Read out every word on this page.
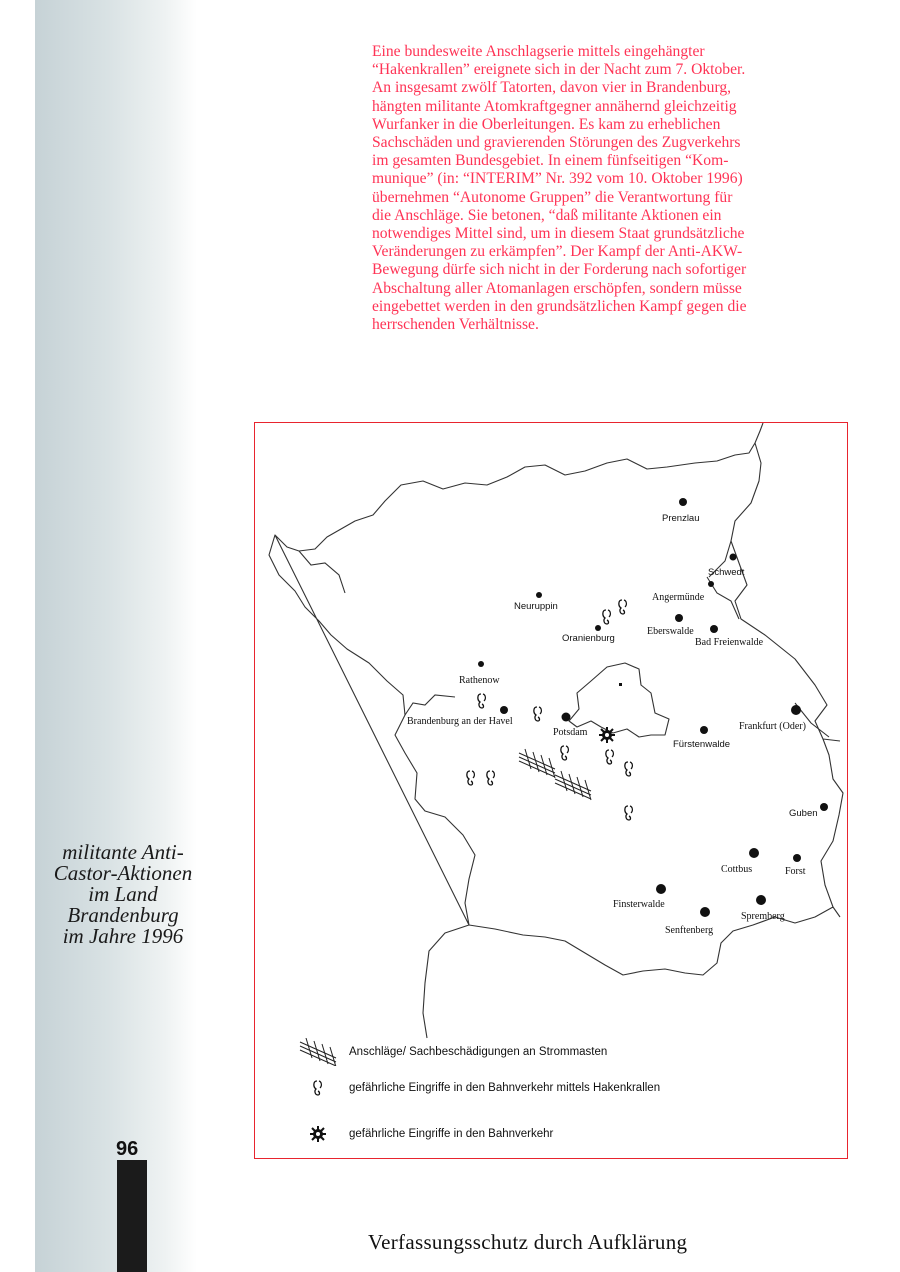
militante Anti-
Castor-Aktionen
im Land
Brandenburg
im Jahre 1996
96
Eine bundesweite Anschlagserie mittels eingehängter
“Hakenkrallen” ereignete sich in der Nacht zum 7. Oktober.
An insgesamt zwölf Tatorten, davon vier in Brandenburg,
hängten militante Atomkraftgegner annähernd gleichzeitig
Wurfanker in die Oberleitungen. Es kam zu erheblichen
Sachschäden und gravierenden Störungen des Zugverkehrs
im gesamten Bundesgebiet. In einem fünfseitigen “Kom-
munique” (in: “INTERIM” Nr. 392 vom 10. Oktober 1996)
übernehmen “Autonome Gruppen” die Verantwortung für
die Anschläge. Sie betonen, “daß militante Aktionen ein
notwendiges Mittel sind, um in diesem Staat grundsätzliche
Veränderungen zu erkämpfen”. Der Kampf der Anti-AKW-
Bewegung dürfe sich nicht in der Forderung nach sofortiger
Abschaltung aller Atomanlagen erschöpfen, sondern müsse
eingebettet werden in den grundsätzlichen Kampf gegen die
herrschenden Verhältnisse.
Prenzlau
Schwedt
Angermünde
Neuruppin
Eberswalde
Oranienburg	Bad Freienwalde
Rathenow
Brandenburg an der Havel
Potsdam
Frankfurt (Oder)
Fürstenwalde
Guben
Cottbus	Forst
Finsterwalde
Spremberg
Senftenberg
Anschläge/ Sachbeschädigungen an Strommasten
gefährliche Eingriffe in den Bahnverkehr mittels Hakenkrallen
gefährliche Eingriffe in den Bahnverkehr
Verfassungsschutz durch Aufklärung
